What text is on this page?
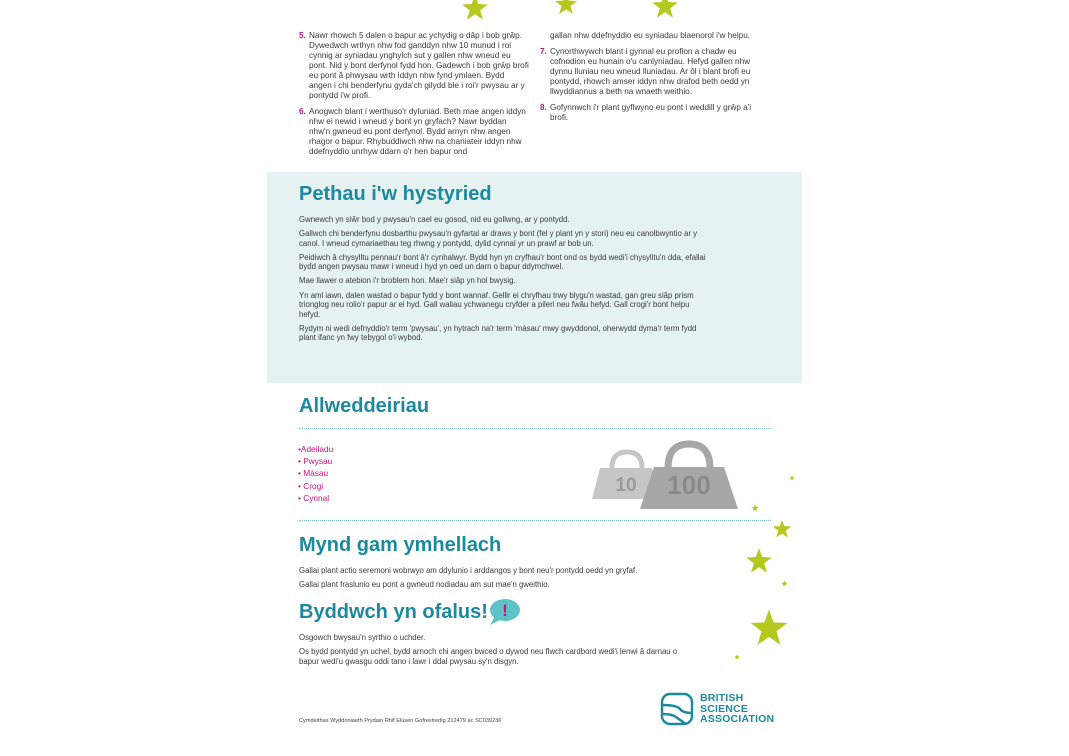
5. Nawr rhowch 5 dalen o bapur ac ychydig o dâp i bob grŵp. Dywedwch wrthyn nhw fod ganddyn nhw 10 munud i roi cynnig ar syniadau ynghylch sut y gallen nhw wneud eu pont. Nid y bont derfynol fydd hon. Gadewch i bob grŵp brofi eu pont â phwysau wrth iddyn nhw fynd ymlaen. Bydd angen i chi benderfynu gyda'ch gilydd ble i roi'r pwysau ar y pontydd i'w profi.
6. Anogwch blant i werthuso'r dyluniad. Beth mae angen iddyn nhw ei newid i wneud y bont yn gryfach? Nawr byddan nhw'n gwneud eu pont derfynol. Bydd arnyn nhw angen rhagor o bapur. Rhybuddiwch nhw na chaniateir iddyn nhw ddefnyddio unrhyw ddarn o'r hen bapur ond
gallan nhw ddefnyddio eu syniadau blaenorol i'w helpu.
7. Cynorthwywch blant i gynnal eu profion a chadw eu cofnodion eu hunain o'u canlyniadau. Hefyd gallen nhw dynnu lluniau neu wneud lluniadau. Ar ôl i blant brofi eu pontydd, rhowch amser iddyn nhw drafod beth oedd yn llwyddiannus a beth na wnaeth weithio.
8. Gofynnwch i'r plant gyflwyno eu pont i weddill y grŵp a'i brofi.
Pethau i'w hystyried

Gwnewch yn siŵr bod y pwysau'n cael eu gosod, nid eu gollwng, ar y pontydd.

Gallwch chi benderfynu dosbarthu pwysau'n gyfartal ar draws y bont (fel y plant yn y stori) neu eu canolbwyntio ar y canol. I wneud cymariaethau teg rhwng y pontydd, dylid cynnal yr un prawf ar bob un.

Peidiwch â chysylltu pennau'r bont â'r cynhalwyr. Bydd hyn yn cryfhau'r bont ond os bydd wedi'i chysylltu'n dda, efallai bydd angen pwysau mawr i wneud i hyd yn oed un darn o bapur ddymchwel.

Mae llawer o atebion i'r broblem hon. Mae'r siâp yn hol bwysig.

Yn aml iawn, dalen wastad o bapur fydd y bont wannaf. Gellir ei chryfhau trwy blygu'n wastad, gan greu siâp prism trionglog neu rolio'r papur ar ei hyd. Gall waliau ychwanegu cryfder a pileri neu fwâu hefyd. Gall crogi'r bont helpu hefyd.

Rydym ni wedi defnyddio'r term 'pwysau', yn hytrach na'r term 'màsau' mwy gwyddonol, oherwydd dyma'r term fydd plant ifanc yn fwy tebygol o'i wybod.

Allweddeiriau
•Adeiladu
• Pwysau
• Màsau
• Crogi
• Cynnal
10 100
Mynd gam ymhellach

Gallai plant actio seremoni wobrwyo am ddylunio i arddangos y bont neu'r pontydd oedd yn gryfaf.

Gallai plant fraslunio eu pont a gwneud nodiadau am sut mae'n gweithio.

Byddwch yn ofalus! !

Osgowch bwysau'n syrthio o uchder.

Os bydd pontydd yn uchel, bydd arnoch chi angen bwced o dywod neu flwch cardbord wedi'i lenwi â darnau o bapur wedi'u gwasgu oddi tano i lawr i ddal pwysau sy'n disgyn.

Cymdeithas Wyddoniaeth Prydain Rhif Elusen Gofrestredig 212479 ac SC039236
BRITISH
SCIENCE
ASSOCIATION
